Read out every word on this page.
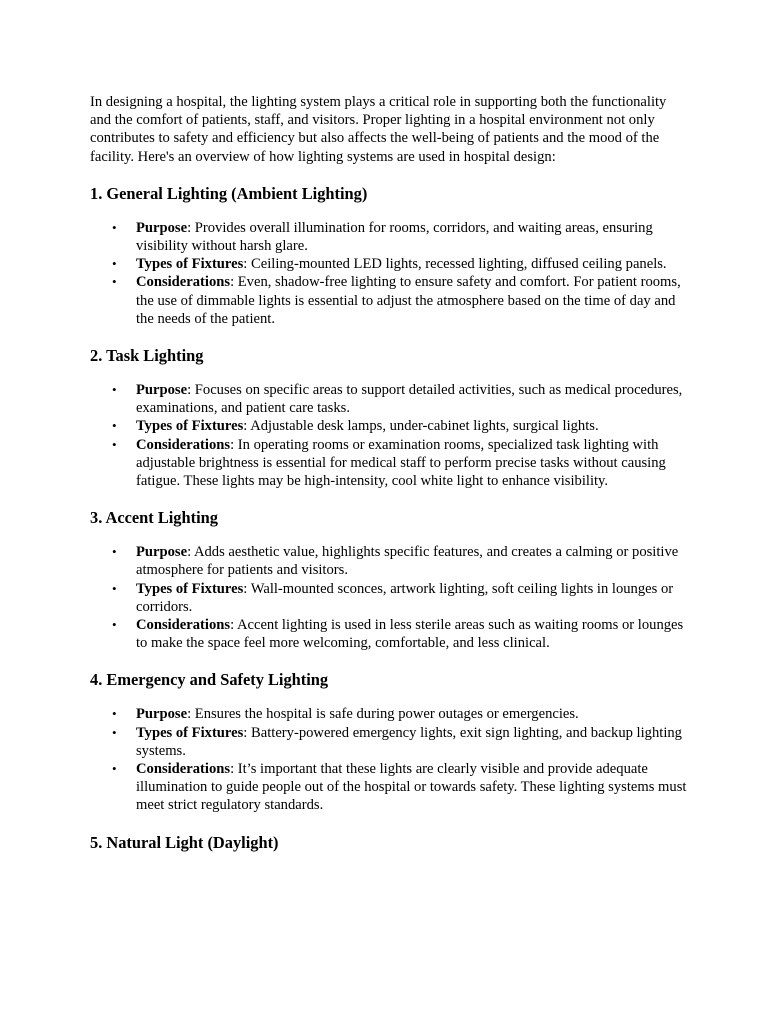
In designing a hospital, the lighting system plays a critical role in supporting both the functionality and the comfort of patients, staff, and visitors. Proper lighting in a hospital environment not only contributes to safety and efficiency but also affects the well-being of patients and the mood of the facility. Here's an overview of how lighting systems are used in hospital design:

1. General Lighting (Ambient Lighting)
• Purpose: Provides overall illumination for rooms, corridors, and waiting areas, ensuring visibility without harsh glare.
• Types of Fixtures: Ceiling-mounted LED lights, recessed lighting, diffused ceiling panels.
• Considerations: Even, shadow-free lighting to ensure safety and comfort. For patient rooms, the use of dimmable lights is essential to adjust the atmosphere based on the time of day and the needs of the patient.
2. Task Lighting
• Purpose: Focuses on specific areas to support detailed activities, such as medical procedures, examinations, and patient care tasks.
• Types of Fixtures: Adjustable desk lamps, under-cabinet lights, surgical lights.
• Considerations: In operating rooms or examination rooms, specialized task lighting with adjustable brightness is essential for medical staff to perform precise tasks without causing fatigue. These lights may be high-intensity, cool white light to enhance visibility.
3. Accent Lighting
• Purpose: Adds aesthetic value, highlights specific features, and creates a calming or positive atmosphere for patients and visitors.
• Types of Fixtures: Wall-mounted sconces, artwork lighting, soft ceiling lights in lounges or corridors.
• Considerations: Accent lighting is used in less sterile areas such as waiting rooms or lounges to make the space feel more welcoming, comfortable, and less clinical.
4. Emergency and Safety Lighting
• Purpose: Ensures the hospital is safe during power outages or emergencies.
• Types of Fixtures: Battery-powered emergency lights, exit sign lighting, and backup lighting systems.
• Considerations: It’s important that these lights are clearly visible and provide adequate illumination to guide people out of the hospital or towards safety. These lighting systems must meet strict regulatory standards.
5. Natural Light (Daylight)
